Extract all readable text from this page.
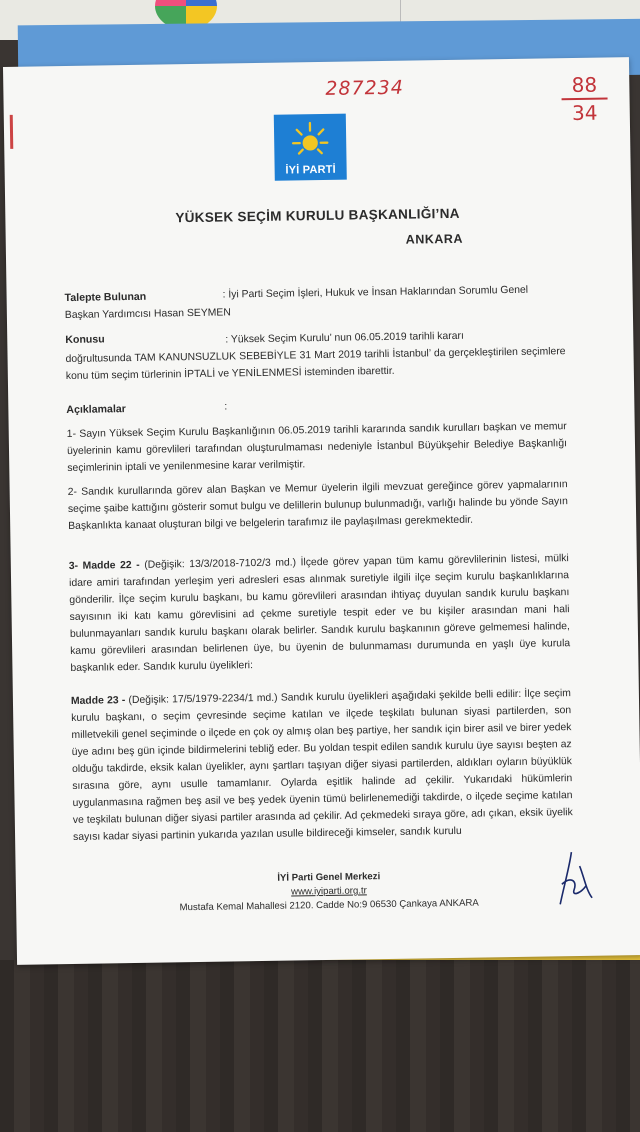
287234	88
34
İYİ PARTİ
YÜKSEK SEÇİM KURULU BAŞKANLIĞI’NA
ANKARA
Talepte Bulunan	: İyi Parti Seçim İşleri, Hukuk ve İnsan Haklarından Sorumlu Genel
Başkan Yardımcısı Hasan SEYMEN
Konusu	: Yüksek Seçim Kurulu’ nun 06.05.2019 tarihli kararı
doğrultusunda TAM KANUNSUZLUK SEBEBİYLE 31 Mart 2019 tarihli İstanbul’ da gerçekleştirilen seçimlere konu tüm seçim türlerinin İPTALİ ve YENİLENMESİ isteminden ibarettir.
Açıklamalar	:
1- Sayın Yüksek Seçim Kurulu Başkanlığının 06.05.2019 tarihli kararında sandık kurulları başkan ve memur üyelerinin kamu görevlileri tarafından oluşturulmaması nedeniyle İstanbul Büyükşehir Belediye Başkanlığı seçimlerinin iptali ve yenilenmesine karar verilmiştir.
2- Sandık kurullarında görev alan Başkan ve Memur üyelerin ilgili mevzuat gereğince görev yapmalarının seçime şaibe kattığını gösterir somut bulgu ve delillerin bulunup bulunmadığı, varlığı halinde bu yönde Sayın Başkanlıkta kanaat oluşturan bilgi ve belgelerin tarafımız ile paylaşılması gerekmektedir.
3- Madde 22 - (Değişik: 13/3/2018-7102/3 md.) İlçede görev yapan tüm kamu görevlilerinin listesi, mülki idare amiri tarafından yerleşim yeri adresleri esas alınmak suretiyle ilgili ilçe seçim kurulu başkanlıklarına gönderilir. İlçe seçim kurulu başkanı, bu kamu görevlileri arasından ihtiyaç duyulan sandık kurulu başkanı sayısının iki katı kamu görevlisini ad çekme suretiyle tespit eder ve bu kişiler arasından mani hali bulunmayanları sandık kurulu başkanı olarak belirler. Sandık kurulu başkanının göreve gelmemesi halinde, kamu görevlileri arasından belirlenen üye, bu üyenin de bulunmaması durumunda en yaşlı üye kurula başkanlık eder. Sandık kurulu üyelikleri:
Madde 23 - (Değişik: 17/5/1979-2234/1 md.) Sandık kurulu üyelikleri aşağıdaki şekilde belli edilir: İlçe seçim kurulu başkanı, o seçim çevresinde seçime katılan ve ilçede teşkilatı bulunan siyasi partilerden, son milletvekili genel seçiminde o ilçede en çok oy almış olan beş partiye, her sandık için birer asil ve birer yedek üye adını beş gün içinde bildirmelerini tebliğ eder. Bu yoldan tespit edilen sandık kurulu üye sayısı beşten az olduğu takdirde, eksik kalan üyelikler, aynı şartları taşıyan diğer siyasi partilerden, aldıkları oyların büyüklük sırasına göre, aynı usulle tamamlanır. Oylarda eşitlik halinde ad çekilir. Yukarıdaki hükümlerin uygulanmasına rağmen beş asil ve beş yedek üyenin tümü belirlenemediği takdirde, o ilçede seçime katılan ve teşkilatı bulunan diğer siyasi partiler arasında ad çekilir. Ad çekmedeki sıraya göre, adı çıkan, eksik üyelik sayısı kadar siyasi partinin yukarıda yazılan usulle bildireceği kimseler, sandık kurulu
İYİ Parti Genel Merkezi
www.iyiparti.org.tr
Mustafa Kemal Mahallesi 2120. Cadde No:9 06530 Çankaya ANKARA
